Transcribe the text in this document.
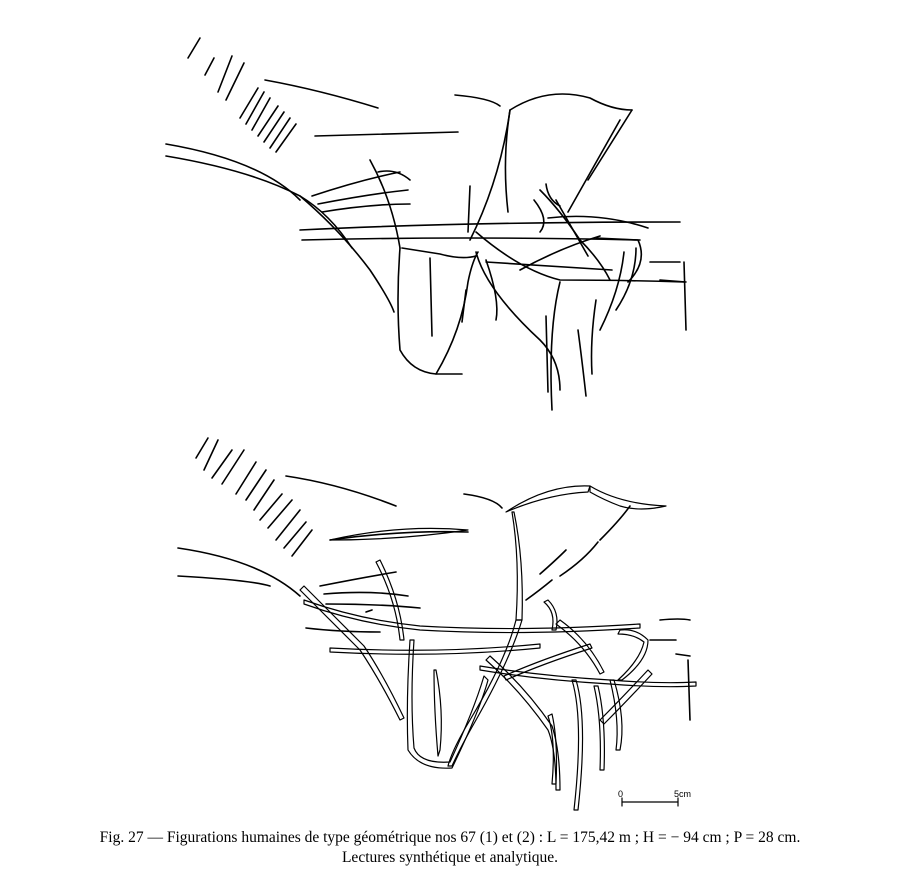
0	5cm
Fig. 27 — Figurations humaines de type géométrique nos 67 (1) et (2) : L = 175,42 m ; H = − 94 cm ; P = 28 cm.
Lectures synthétique et analytique.
